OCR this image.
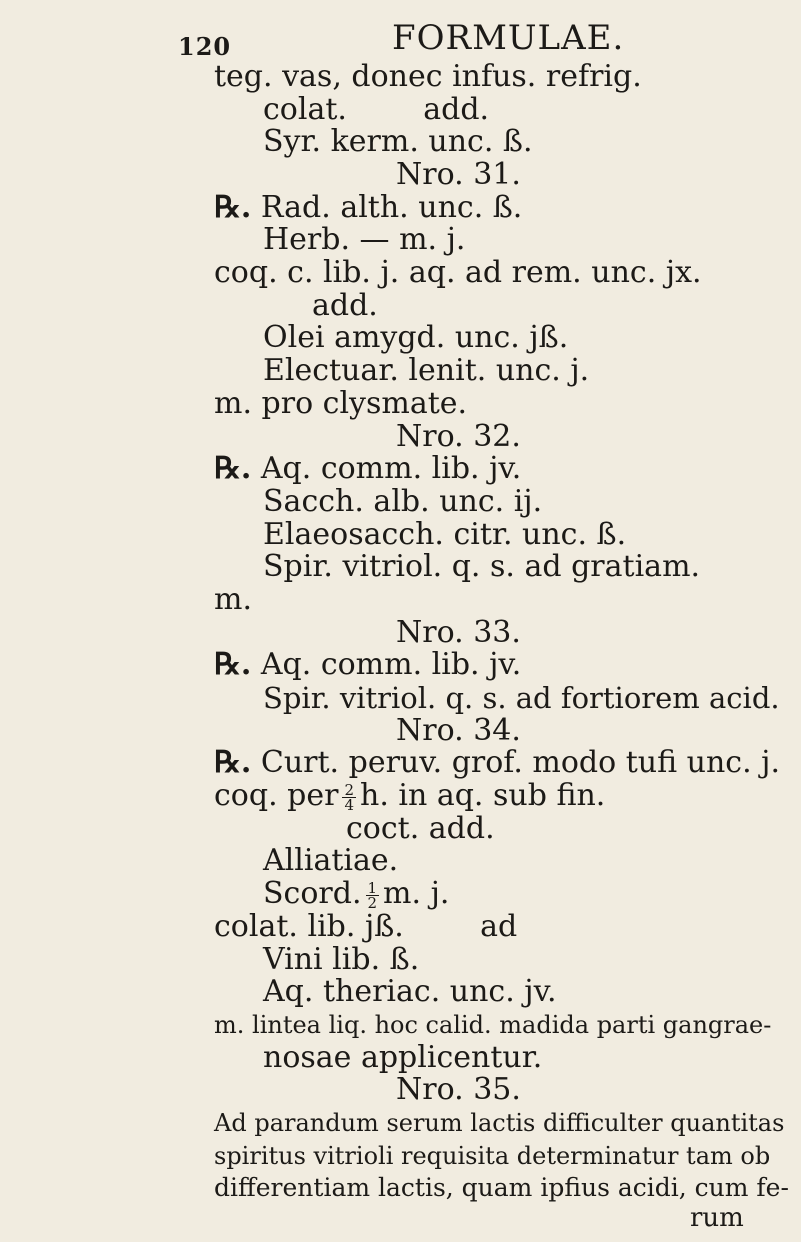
120	FORMULAE.
teg. vas, donec infus. refrig.
colat.        add.
Syr. kerm. unc. ß.
Nro. 31.
℞. Rad. alth. unc. ß.
Herb. — m. j.
coq. c. lib. j. aq. ad rem. unc. jx.
add.
Olei amygd. unc. jß.
Electuar. lenit. unc. j.
m. pro clysmate.
Nro. 32.
℞. Aq. comm. lib. jv.
Sacch. alb. unc. ij.
Elaeosacch. citr. unc. ß.
Spir. vitriol. q. s. ad gratiam.
m.
Nro. 33.
℞. Aq. comm. lib. jv.
Spir. vitriol. q. s. ad fortiorem acid.
Nro. 34.
℞. Curt. peruv. grof. modo tufi unc. j.
coq. per $\frac{2}{4} h$. in aq. sub fin.
coct. add.
Alliatiae.
Scord. $\frac{1}{2} m$. j.
colat. lib. jß.        ad
Vini lib. ß.
Aq. theriac. unc. jv.
m. lintea liq. hoc calid. madida parti gangrae-
nosae applicentur.
Nro. 35.
Ad parandum serum lactis difficulter quantitas
spiritus vitrioli requisita determinatur tam ob
differentiam lactis, quam ipfius acidi, cum fe-
rum
